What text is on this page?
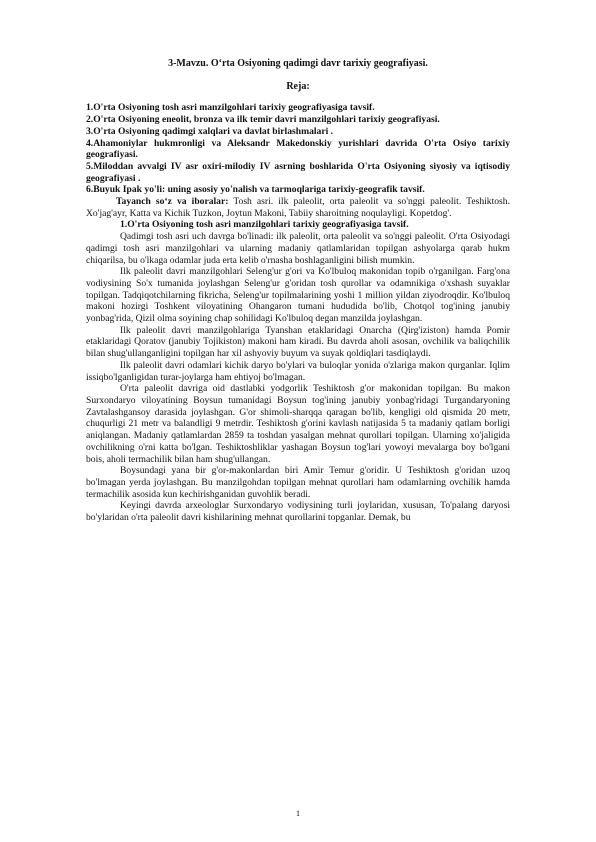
3-Mavzu. O‘rta Osiyoning qadimgi davr tarixiy geografiyasi.

Reja:

1.O'rta Osiyoning tosh asri manzilgohlari tarixiy geografiyasiga tavsif.

2.O'rta Osiyoning eneolit, bronza va ilk temir davri manzilgohlari tarixiy geografiyasi.

3.O'rta Osiyoning qadimgi xalqlari va davlat birlashmalari .

4.Ahamoniylar hukmronligi va Aleksandr Makedonskiy yurishlari davrida O'rta Osiyo tarixiy geografiyasi.

5.Miloddan avvalgi IV asr oxiri-milodiy IV asrning boshlarida O'rta Osiyoning siyosiy va iqtisodiy geografiyasi .

6.Buyuk Ipak yo'li: uning asosiy yo'nalish va tarmoqlariga tarixiy-geografik tavsif.

Tayanch so‘z va iboralar: Tosh asri. ilk paleolit, orta paleolit va so'nggi paleolit. Teshiktosh. Xo'jag'ayr, Katta va Kichik Tuzkon, Joytun Makoni, Tabiiy sharoitning noqulayligi. Kopetdog'.

1.O'rta Osiyoning tosh asri manzilgohlari tarixiy geografiyasiga tavsif.

Qadimgi tosh asri uch davrga bo'linadi: ilk paleolit, orta paleolit va so'nggi paleolit. O'rta Osiyodagi qadimgi tosh asri manzilgohlari va ularning madaniy qatlamlaridan topilgan ashyolarga qarab hukm chiqarilsa, bu o'lkaga odamlar juda erta kelib o'rnasha boshlaganligini bilish mumkin.

Ilk paleolit davri manzilgohlari Seleng'ur g'ori va Ko'lbuloq makonidan topib o'rganilgan. Farg'ona vodiysining So'x tumanida joylashgan Seleng'ur g'oridan tosh qurollar va odamnikiga o'xshash suyaklar topilgan. Tadqiqotchilarning fikricha, Seleng'ur topilmalarining yoshi 1 million yildan ziyodroqdir. Ko'lbuloq makoni hozirgi Toshkent viloyatining Ohangaron tumani hududida bo'lib, Chotqol tog'ining janubiy yonbag'rida, Qizil olma soyining chap sohilidagi Ko'lbuloq degan manzilda joylashgan.

Ilk paleolit davri manzilgohlariga Tyanshan etaklaridagi Onarcha (Qirg'iziston) hamda Pomir etaklaridagi Qoratov (janubiy Tojikiston) makoni ham kiradi. Bu davrda aholi asosan, ovchilik va baliqchilik bilan shug'ullanganligini topilgan har xil ashyoviy buyum va suyak qoldiqlari tasdiqlaydi.

Ilk paleolit davri odamlari kichik daryo bo'ylari va buloqlar yonida o'zlariga makon qurganlar. Iqlim issiqbo'lganligidan turar-joylarga ham ehtiyoj bo'lmagan.

O'rta paleolit davriga oid dastlabki yodgorlik Teshiktosh g'or makonidan topilgan. Bu makon Surxondaryo viloyatining Boysun tumanidagi Boysun tog'ining janubiy yonbag'ridagi Turgandaryoning Zavtalashgansoy darasida joylashgan. G'or shimoli-sharqqa qaragan bo'lib, kengligi old qismida 20 metr, chuqurligi 21 metr va balandligi 9 metrdir. Teshiktosh g'orini kavlash natijasida 5 ta madaniy qatlam borligi aniqlangan. Madaniy qatlamlardan 2859 ta toshdan yasalgan mehnat qurollari topilgan. Ularning xo'jaligida ovchilikning o'rni katta bo'lgan. Teshiktoshliklar yashagan Boysun tog'lari yowoyi mevalarga boy bo'lgani bois, aholi termachilik bilan ham shug'ullangan.

Boysundagi yana bir g'or-makonlardan biri Amir Temur g'oridir. U Teshiktosh g'oridan uzoq bo'lmagan yerda joylashgan. Bu manzilgohdan topilgan mehnat qurollari ham odamlarning ovchilik hamda termachilik asosida kun kechirishganidan guvohlik beradi.

Keyingi davrda arxeologlar Surxondaryo vodiysining turli joylaridan, xususan, To'palang daryosi bo'ylaridan o'rta paleolit davri kishilarining mehnat qurollarini topganlar. Demak, bu

1
